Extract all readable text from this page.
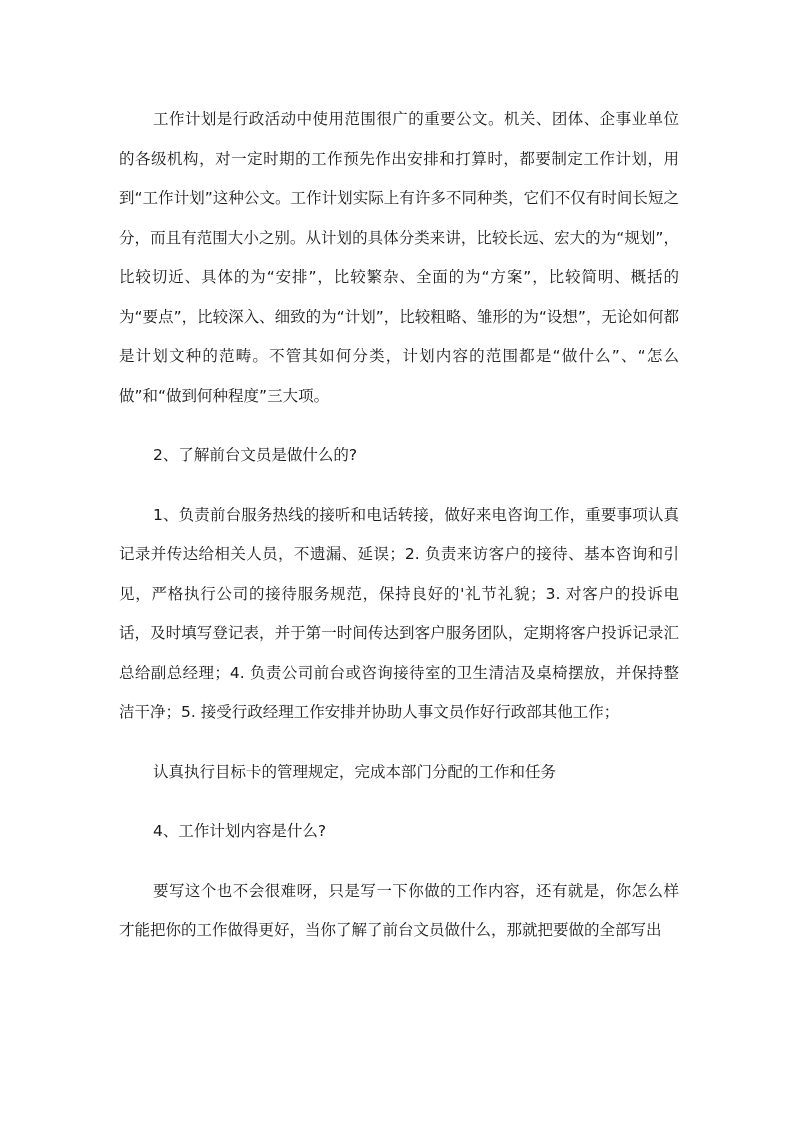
工作计划是行政活动中使用范围很广的重要公文。机关、团体、企事业单位的各级机构，对一定时期的工作预先作出安排和打算时，都要制定工作计划，用到“工作计划”这种公文。工作计划实际上有许多不同种类，它们不仅有时间长短之分，而且有范围大小之别。从计划的具体分类来讲，比较长远、宏大的为“规划”，比较切近、具体的为“安排”，比较繁杂、全面的为“方案”，比较简明、概括的为“要点”，比较深入、细致的为“计划”，比较粗略、雏形的为“设想”，无论如何都是计划文种的范畴。不管其如何分类，计划内容的范围都是“做什么”、“怎么做”和“做到何种程度”三大项。

2、了解前台文员是做什么的?

1、负责前台服务热线的接听和电话转接，做好来电咨询工作，重要事项认真记录并传达给相关人员，不遗漏、延误；2. 负责来访客户的接待、基本咨询和引见，严格执行公司的接待服务规范，保持良好的'礼节礼貌；3. 对客户的投诉电话，及时填写登记表，并于第一时间传达到客户服务团队，定期将客户投诉记录汇总给副总经理；4. 负责公司前台或咨询接待室的卫生清洁及桌椅摆放，并保持整洁干净；5. 接受行政经理工作安排并协助人事文员作好行政部其他工作；

认真执行目标卡的管理规定，完成本部门分配的工作和任务

4、工作计划内容是什么?

要写这个也不会很难呀，只是写一下你做的工作内容，还有就是，你怎么样才能把你的工作做得更好，当你了解了前台文员做什么，那就把要做的全部写出
